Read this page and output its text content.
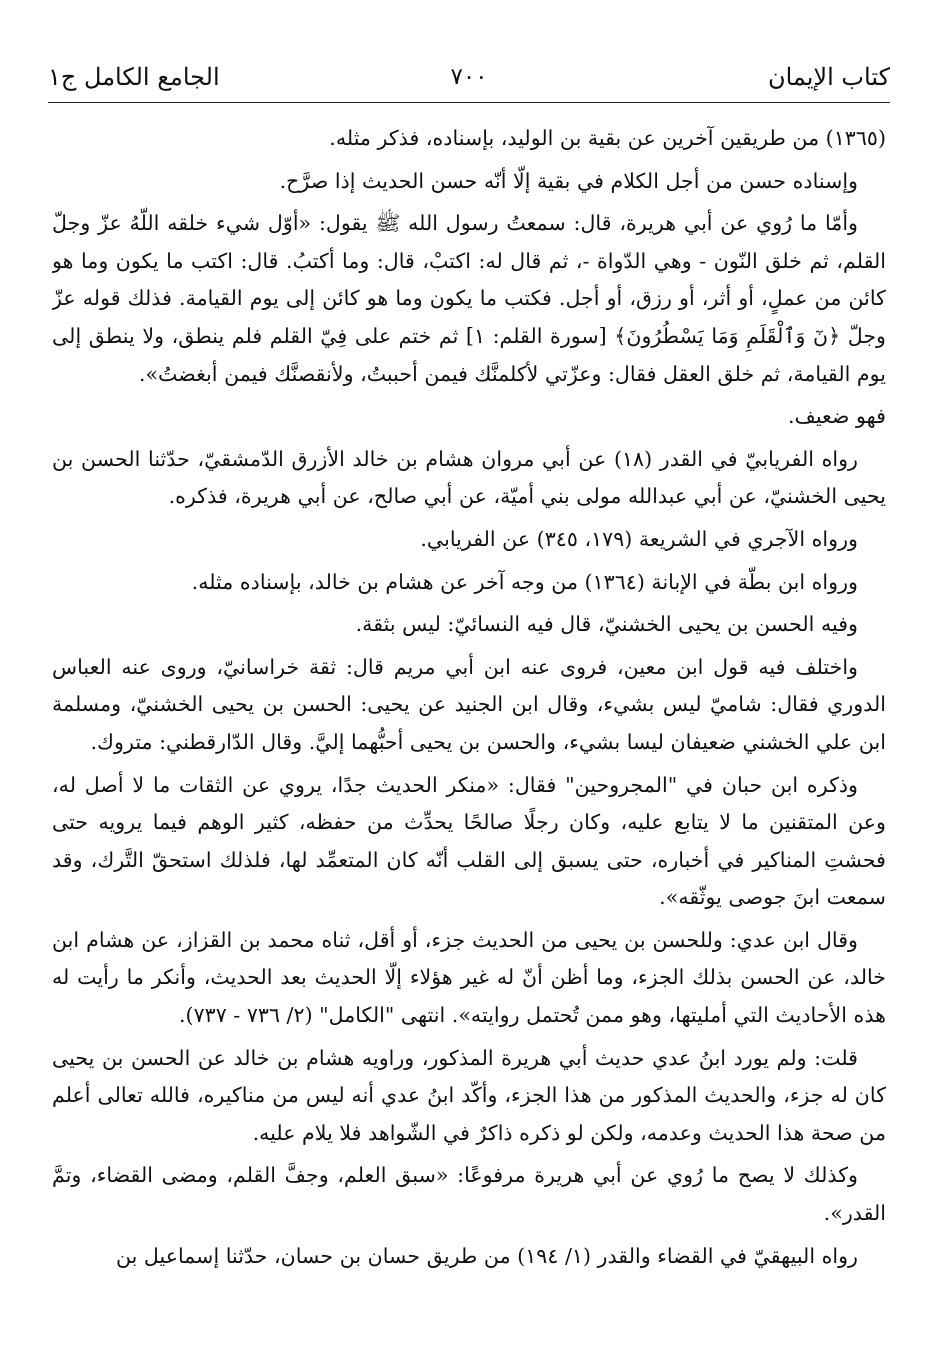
كتاب الإيمان
٧٠٠
الجامع الكامل ج١

(١٣٦٥) من طريقين آخرين عن بقية بن الوليد، بإسناده، فذكر مثله.

وإسناده حسن من أجل الكلام في بقية إلّا أنّه حسن الحديث إذا صرَّح.

وأمّا ما رُوي عن أبي هريرة، قال: سمعتُ رسول الله ﷺ يقول: «أوّل شيء خلقه اللّهُ عزّ وجلّ القلم، ثم خلق النّون - وهي الدّواة -، ثم قال له: اكتبْ، قال: وما أكتبُ. قال: اكتب ما يكون وما هو كائن من عملٍ، أو أثر، أو رزق، أو أجل. فكتب ما يكون وما هو كائن إلى يوم القيامة. فذلك قوله عزّ وجلّ ﴿نٓ وَٱلْقَلَمِ وَمَا يَسْطُرُونَ﴾ [سورة القلم: ١] ثم ختم على فِيّ القلم فلم ينطق، ولا ينطق إلى يوم القيامة، ثم خلق العقل فقال: وعزّتي لأكلمنَّك فيمن أحببتُ، ولأنقصنَّك فيمن أبغضتُ».

فهو ضعيف.

رواه الفريابيّ في القدر (١٨) عن أبي مروان هشام بن خالد الأزرق الدّمشقيّ، حدّثنا الحسن بن يحيى الخشنيّ، عن أبي عبدالله مولى بني أميّة، عن أبي صالح، عن أبي هريرة، فذكره.

ورواه الآجري في الشريعة (١٧٩، ٣٤٥) عن الفريابي.

ورواه ابن بطّة في الإبانة (١٣٦٤) من وجه آخر عن هشام بن خالد، بإسناده مثله.

وفيه الحسن بن يحيى الخشنيّ، قال فيه النسائيّ: ليس بثقة.

واختلف فيه قول ابن معين، فروى عنه ابن أبي مريم قال: ثقة خراسانيّ، وروى عنه العباس الدوري فقال: شاميّ ليس بشيء، وقال ابن الجنيد عن يحيى: الحسن بن يحيى الخشنيّ، ومسلمة ابن علي الخشني ضعيفان ليسا بشيء، والحسن بن يحيى أحبُّهما إليَّ. وقال الدّارقطني: متروك.

وذكره ابن حبان في "المجروحين" فقال: «منكر الحديث جدًا، يروي عن الثقات ما لا أصل له، وعن المتقنين ما لا يتابع عليه، وكان رجلًا صالحًا يحدِّث من حفظه، كثير الوهم فيما يرويه حتى فحشتِ المناكير في أخباره، حتى يسبق إلى القلب أنّه كان المتعمِّد لها، فلذلك استحقّ التَّرك، وقد سمعت ابنَ جوصى يوثّقه».

وقال ابن عدي: وللحسن بن يحيى من الحديث جزء، أو أقل، ثناه محمد بن القزاز، عن هشام ابن خالد، عن الحسن بذلك الجزء، وما أظن أنّ له غير هؤلاء إلّا الحديث بعد الحديث، وأنكر ما رأيت له هذه الأحاديث التي أمليتها، وهو ممن تُحتمل روايته». انتهى "الكامل" (٢/ ٧٣٦ - ٧٣٧).

قلت: ولم يورد ابنُ عدي حديث أبي هريرة المذكور، وراويه هشام بن خالد عن الحسن بن يحيى كان له جزء، والحديث المذكور من هذا الجزء، وأكّد ابنُ عدي أنه ليس من مناكيره، فالله تعالى أعلم من صحة هذا الحديث وعدمه، ولكن لو ذكره ذاكرٌ في الشّواهد فلا يلام عليه.

وكذلك لا يصح ما رُوي عن أبي هريرة مرفوعًا: «سبق العلم، وجفَّ القلم، ومضى القضاء، وتمَّ القدر».

رواه البيهقيّ في القضاء والقدر (١/ ١٩٤) من طريق حسان بن حسان، حدّثنا إسماعيل بن
